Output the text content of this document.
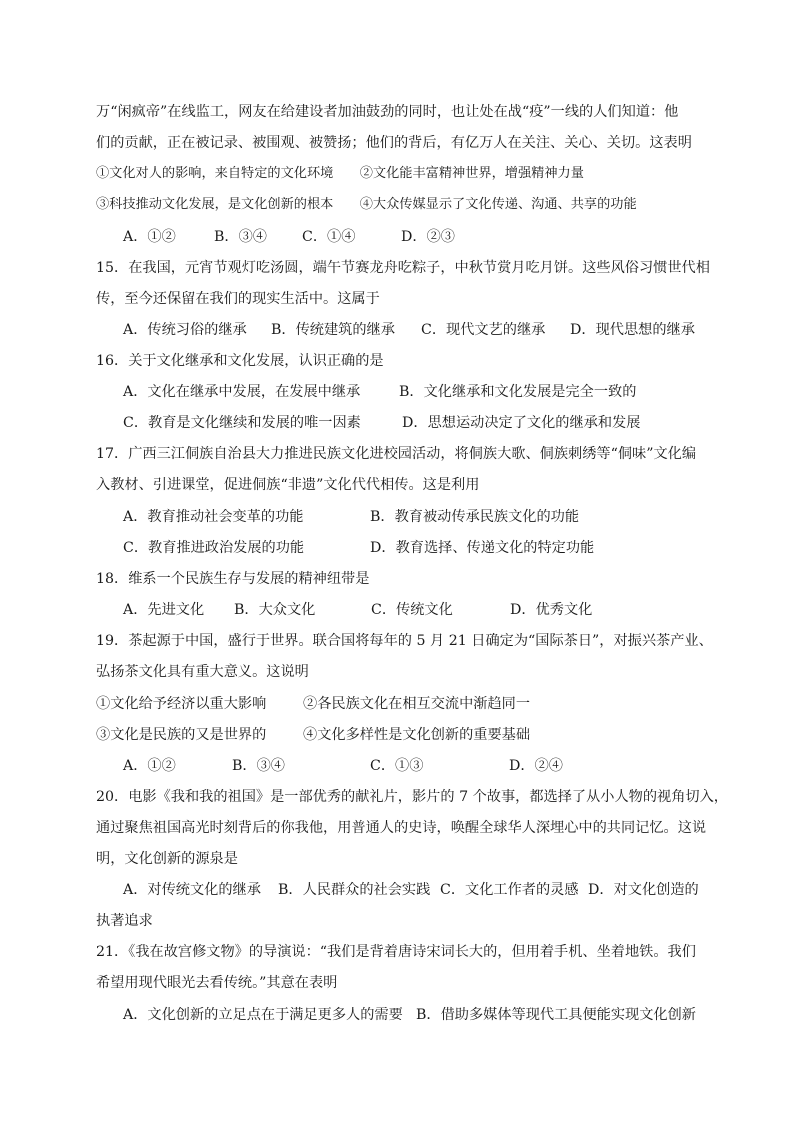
万“闲疯帝”在线监工，网友在给建设者加油鼓劲的同时，也让处在战“疫”一线的人们知道：他
们的贡献，正在被记录、被围观、被赞扬；他们的背后，有亿万人在关注、关心、关切。这表明
①文化对人的影响，来自特定的文化环境　　②文化能丰富精神世界，增强精神力量
③科技推动文化发展，是文化创新的根本　　④大众传媒显示了文化传递、沟通、共享的功能
A．①②	B．③④ C．①④	D．②③
15．在我国，元宵节观灯吃汤圆，端午节赛龙舟吃粽子，中秋节赏月吃月饼。这些风俗习惯世代相
传，至今还保留在我们的现实生活中。这属于
A．传统习俗的继承 B．传统建筑的继承 C．现代文艺的继承 D．现代思想的继承
16．关于文化继承和文化发展，认识正确的是
A．文化在继承中发展，在发展中继承	B．文化继承和文化发展是完全一致的
C．教育是文化继续和发展的唯一因素	D．思想运动决定了文化的继承和发展
17．广西三江侗族自治县大力推进民族文化进校园活动，将侗族大歌、侗族刺绣等“侗味”文化编
入教材、引进课堂，促进侗族“非遗”文化代代相传。这是利用
A．教育推动社会变革的功能	B．教育被动传承民族文化的功能
C．教育推进政治发展的功能	D．教育选择、传递文化的特定功能
18．维系一个民族生存与发展的精神纽带是
A．先进文化 B．大众文化	C．传统文化	D．优秀文化
19．茶起源于中国，盛行于世界。联合国将每年的 5 月 21 日确定为“国际茶日”，对振兴茶产业、
弘扬茶文化具有重大意义。这说明
①文化给予经济以重大影响	②各民族文化在相互交流中渐趋同一
③文化是民族的又是世界的	④文化多样性是文化创新的重要基础
A．①②	B．③④	C．①③	D．②④
20．电影《我和我的祖国》是一部优秀的献礼片，影片的 7 个故事，都选择了从小人物的视角切入，
通过聚焦祖国高光时刻背后的你我他，用普通人的史诗，唤醒全球华人深埋心中的共同记忆。这说
明，文化创新的源泉是
A．对传统文化的继承 B．人民群众的社会实践 C．文化工作者的灵感 D．对文化创造的
执著追求
21．《我在故宫修文物》的导演说：“我们是背着唐诗宋词长大的，但用着手机、坐着地铁。我们
希望用现代眼光去看传统。”其意在表明
A．文化创新的立足点在于满足更多人的需要 B．借助多媒体等现代工具便能实现文化创新
